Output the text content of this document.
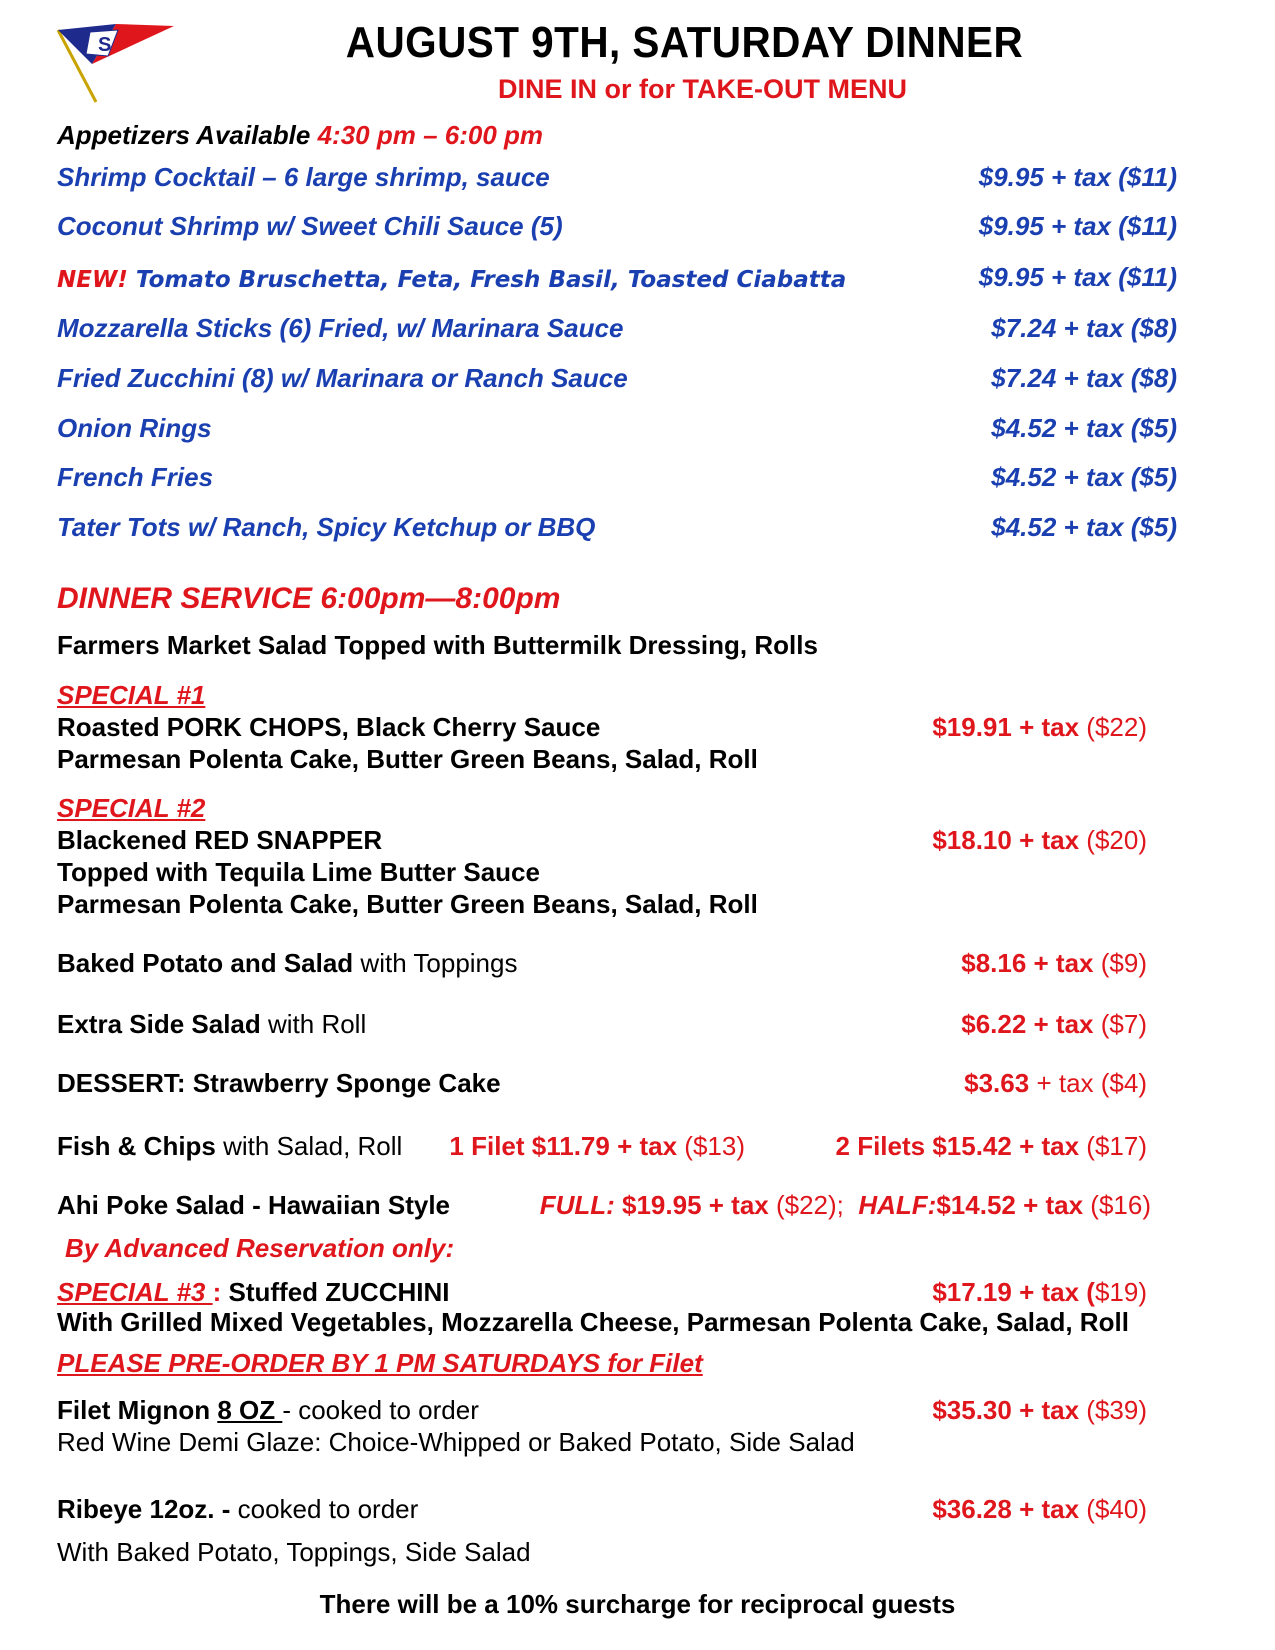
S	AUGUST 9TH, SATURDAY DINNER
DINE IN or for TAKE-OUT MENU
Appetizers Available 4:30 pm – 6:00 pm
Shrimp Cocktail – 6 large shrimp, sauce	$9.95 + tax ($11)
Coconut Shrimp w/ Sweet Chili Sauce (5)	$9.95 + tax ($11)
NEW! Tomato Bruschetta, Feta, Fresh Basil, Toasted Ciabatta	$9.95 + tax ($11)
Mozzarella Sticks (6) Fried, w/ Marinara Sauce	$7.24 + tax ($8)
Fried Zucchini (8) w/ Marinara or Ranch Sauce	$7.24 + tax ($8)
Onion Rings	$4.52 + tax ($5)
French Fries	$4.52 + tax ($5)
Tater Tots w/ Ranch, Spicy Ketchup or BBQ	$4.52 + tax ($5)
DINNER SERVICE 6:00pm—8:00pm
Farmers Market Salad Topped with Buttermilk Dressing, Rolls
SPECIAL #1
Roasted PORK CHOPS, Black Cherry Sauce
Parmesan Polenta Cake, Butter Green Beans, Salad, Roll
$19.91 + tax ($22)
SPECIAL #2
Blackened RED SNAPPER
Topped with Tequila Lime Butter Sauce
Parmesan Polenta Cake, Butter Green Beans, Salad, Roll
$18.10 + tax ($20)
Baked Potato and Salad with Toppings	$8.16 + tax ($9)
Extra Side Salad with Roll	$6.22 + tax ($7)
DESSERT: Strawberry Sponge Cake	$3.63 + tax ($4)
Fish & Chips with Salad, Roll 1 Filet $11.79 + tax ($13)	2 Filets $15.42 + tax ($17)
Ahi Poke Salad - Hawaiian Style	FULL: $19.95 + tax ($22); HALF:$14.52 + tax ($16)
By Advanced Reservation only:
SPECIAL #3 : Stuffed ZUCCHINI	$17.19 + tax ($19)
With Grilled Mixed Vegetables, Mozzarella Cheese, Parmesan Polenta Cake, Salad, Roll
PLEASE PRE-ORDER BY 1 PM SATURDAYS for Filet
Filet Mignon 8 OZ - cooked to order	$35.30 + tax ($39)
Red Wine Demi Glaze: Choice-Whipped or Baked Potato, Side Salad
Ribeye 12oz. - cooked to order	$36.28 + tax ($40)
With Baked Potato, Toppings, Side Salad
There will be a 10% surcharge for reciprocal guests
